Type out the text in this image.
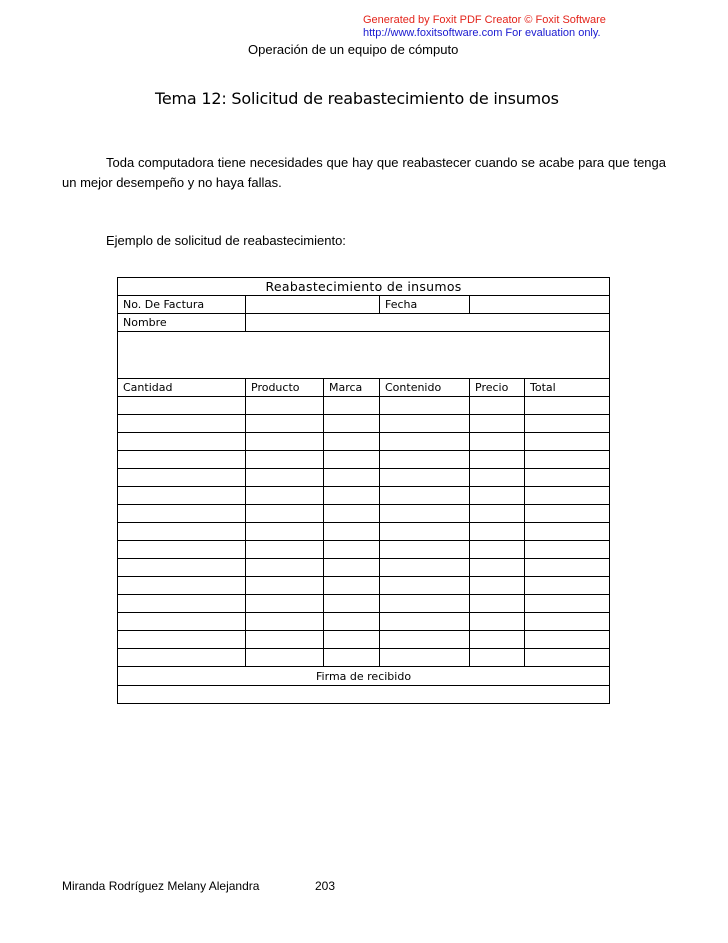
Generated by Foxit PDF Creator © Foxit Software
http://www.foxitsoftware.com For evaluation only.
Operación de un equipo de cómputo
Tema 12: Solicitud de reabastecimiento de insumos
Toda computadora tiene necesidades que hay que reabastecer cuando se acabe para que tenga un mejor desempeño y no haya fallas.
Ejemplo de solicitud de reabastecimiento:
Reabastecimiento de insumos					
No. De Factura			Fecha		
Nombre					

Cantidad	Producto	Marca	Contenido	Precio	Total

Firma de recibido					

Miranda Rodríguez Melany Alejandra	203
